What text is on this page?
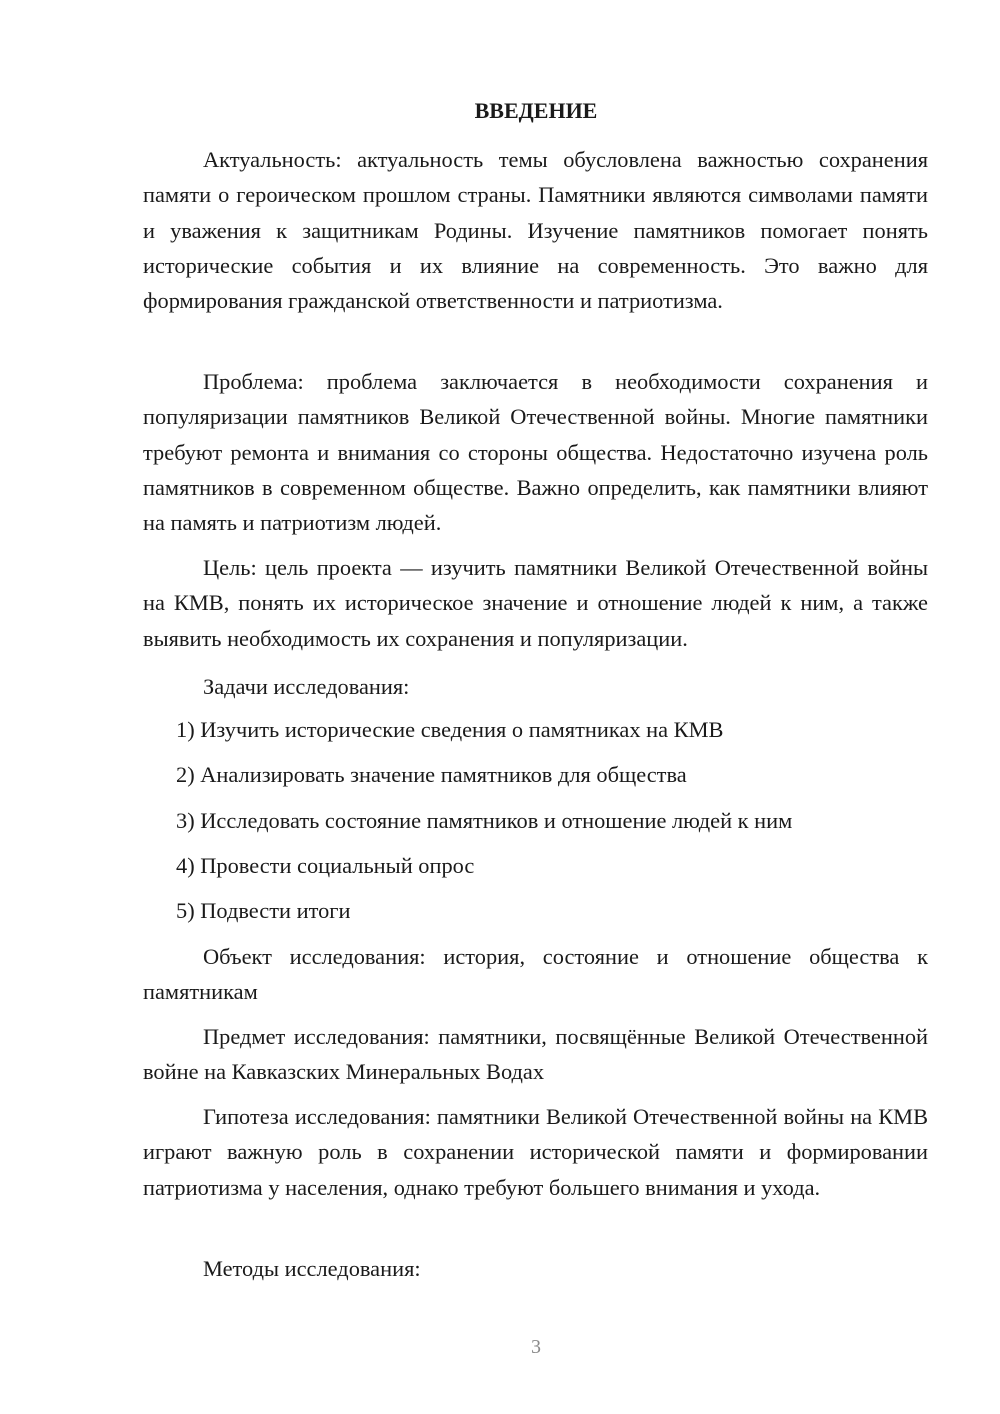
ВВЕДЕНИЕ

Актуальность: актуальность темы обусловлена важностью сохранения памяти о героическом прошлом страны. Памятники являются символами памяти и уважения к защитникам Родины. Изучение памятников помогает понять исторические события и их влияние на современность. Это важно для формирования гражданской ответственности и патриотизма.

Проблема: проблема заключается в необходимости сохранения и популяризации памятников Великой Отечественной войны. Многие памятники требуют ремонта и внимания со стороны общества. Недостаточно изучена роль памятников в современном обществе. Важно определить, как памятники влияют на память и патриотизм людей.

Цель: цель проекта — изучить памятники Великой Отечественной войны на КМВ, понять их историческое значение и отношение людей к ним, а также выявить необходимость их сохранения и популяризации.

Задачи исследования:

1) Изучить исторические сведения о памятниках на КМВ

2) Анализировать значение памятников для общества

3) Исследовать состояние памятников и отношение людей к ним

4) Провести социальный опрос

5) Подвести итоги

Объект исследования: история, состояние и отношение общества к памятникам

Предмет исследования: памятники, посвящённые Великой Отечественной войне на Кавказских Минеральных Водах

Гипотеза исследования: памятники Великой Отечественной войны на КМВ играют важную роль в сохранении исторической памяти и формировании патриотизма у населения, однако требуют большего внимания и ухода.

Методы исследования:

3
